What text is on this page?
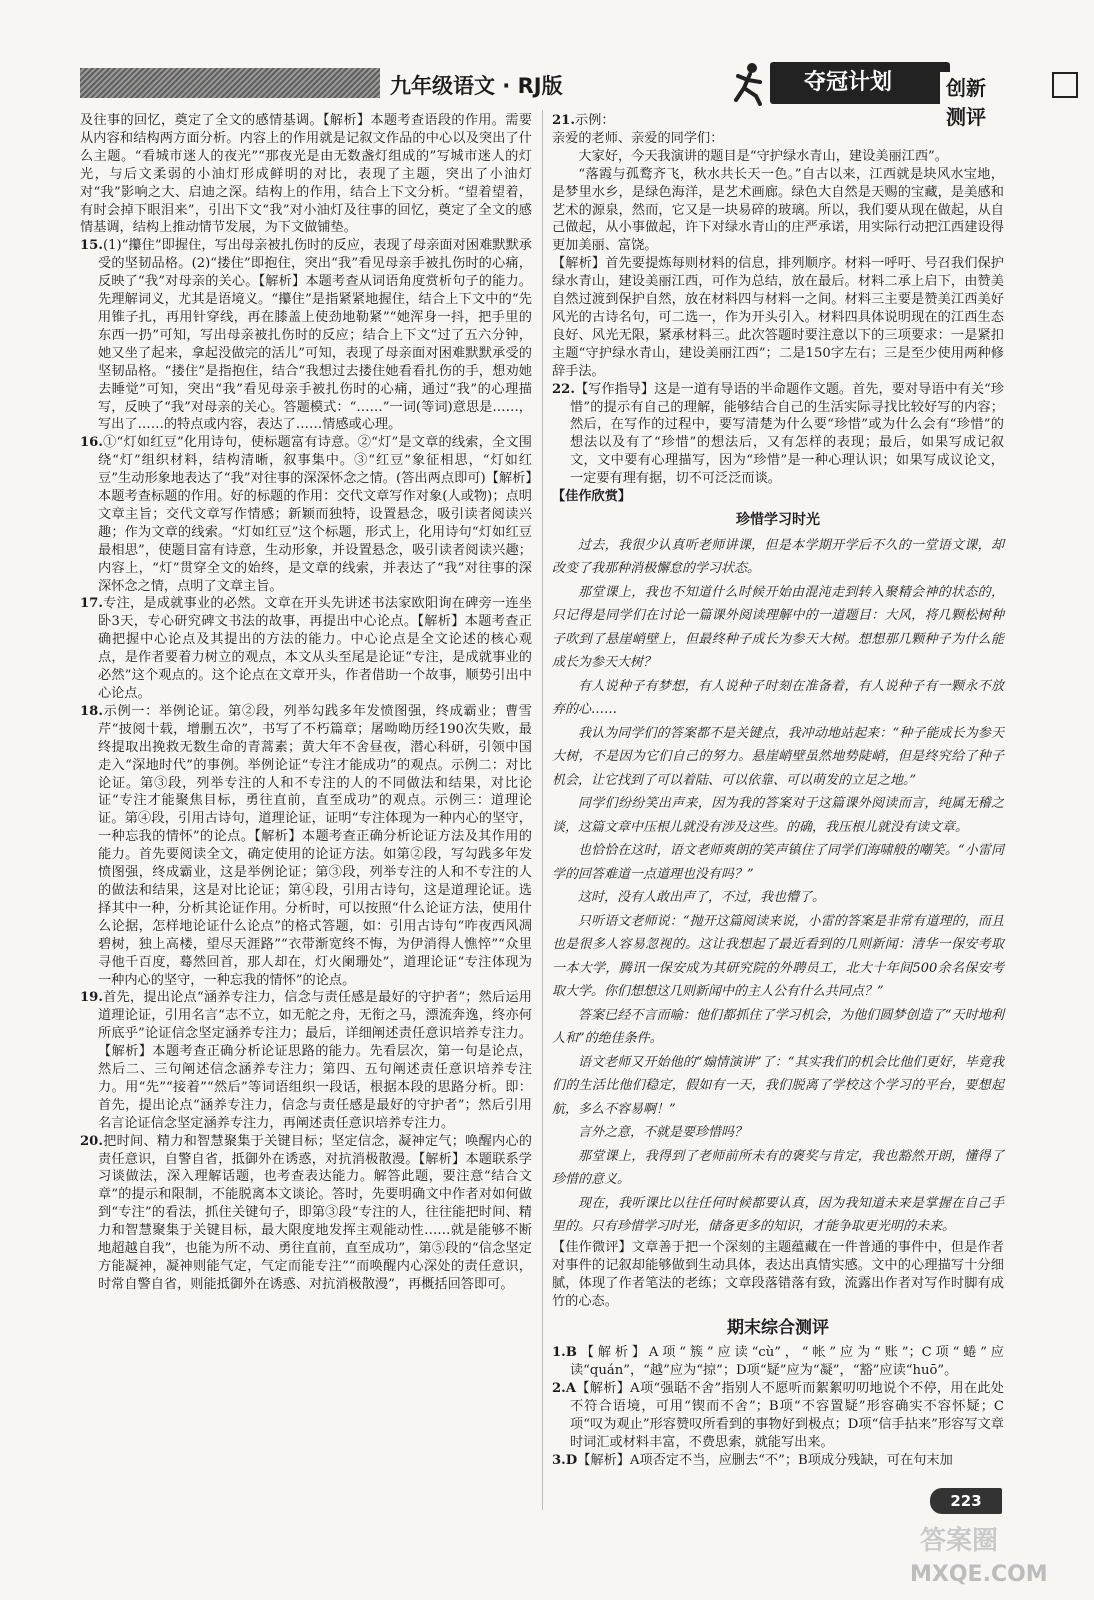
九年级语文 · RJ版	夺冠计划	创新测评

及往事的回忆，奠定了全文的感情基调。【解析】本题考查语段的作用。需要从内容和结构两方面分析。内容上的作用就是记叙文作品的中心以及突出了什么主题。“看城市迷人的夜光”“那夜光是由无数盏灯组成的”写城市迷人的灯光，与后文柔弱的小油灯形成鲜明的对比，表现了主题，突出了小油灯对“我”影响之大、启迪之深。结构上的作用，结合上下文分析。“望着望着，有时会掉下眼泪来”，引出下文“我”对小油灯及往事的回忆，奠定了全文的感情基调，结构上推动情节发展，为下文做铺垫。

15.(1)“攥住”即握住，写出母亲被扎伤时的反应，表现了母亲面对困难默默承受的坚韧品格。(2)“搂住”即抱住，突出“我”看见母亲手被扎伤时的心痛，反映了“我”对母亲的关心。【解析】本题考查从词语角度赏析句子的能力。先理解词义，尤其是语境义。“攥住”是指紧紧地握住，结合上下文中的“先用锥子扎，再用针穿线，再在膝盖上使劲地勒紧”“她浑身一抖，把手里的东西一扔”可知，写出母亲被扎伤时的反应；结合上下文“过了五六分钟，她又坐了起来，拿起没做完的活儿”可知，表现了母亲面对困难默默承受的坚韧品格。“搂住”是指抱住，结合“我想过去搂住她看看扎伤的手，想劝她去睡觉”可知，突出“我”看见母亲手被扎伤时的心痛，通过“我”的心理描写，反映了“我”对母亲的关心。答题模式：“……”一词(等词)意思是……，写出了……的特点或内容，表达了……情感或心理。

16.①“灯如红豆”化用诗句，使标题富有诗意。②“灯”是文章的线索，全文围绕“灯”组织材料，结构清晰，叙事集中。③“红豆”象征相思，“灯如红豆”生动形象地表达了“我”对往事的深深怀念之情。(答出两点即可)【解析】本题考查标题的作用。好的标题的作用：交代文章写作对象(人或物)；点明文章主旨；交代文章写作情感；新颖而独特，设置悬念，吸引读者阅读兴趣；作为文章的线索。“灯如红豆”这个标题，形式上，化用诗句“灯如红豆最相思”，使题目富有诗意，生动形象，并设置悬念，吸引读者阅读兴趣；内容上，“灯”贯穿全文的始终，是文章的线索，并表达了“我”对往事的深深怀念之情，点明了文章主旨。

17.专注，是成就事业的必然。文章在开头先讲述书法家欧阳询在碑旁一连坐卧3天，专心研究碑文书法的故事，再提出中心论点。【解析】本题考查正确把握中心论点及其提出的方法的能力。中心论点是全文论述的核心观点，是作者要着力树立的观点，本文从头至尾是论证“专注，是成就事业的必然”这个观点的。这个论点在文章开头，作者借助一个故事，顺势引出中心论点。

18.示例一：举例论证。第②段，列举勾践多年发愤图强，终成霸业；曹雪芹“披阅十载，增删五次”，书写了不朽篇章；屠呦呦历经190次失败，最终提取出挽救无数生命的青蒿素；黄大年不舍昼夜，潜心科研，引领中国走入“深地时代”的事例。举例论证“专注才能成功”的观点。示例二：对比论证。第③段，列举专注的人和不专注的人的不同做法和结果，对比论证“专注才能聚焦目标，勇往直前，直至成功”的观点。示例三：道理论证。第④段，引用古诗句，道理论证，证明“专注体现为一种内心的坚守，一种忘我的情怀”的论点。【解析】本题考查正确分析论证方法及其作用的能力。首先要阅读全文，确定使用的论证方法。如第②段，写勾践多年发愤图强，终成霸业，这是举例论证；第③段，列举专注的人和不专注的人的做法和结果，这是对比论证；第④段，引用古诗句，这是道理论证。选择其中一种，分析其论证作用。分析时，可以按照“什么论证方法，使用什么论据，怎样地论证什么论点”的格式答题，如：引用古诗句“咋夜西风凋碧树，独上高楼，望尽天涯路”“衣带渐宽终不悔，为伊消得人憔悴”“众里寻他千百度，蓦然回首，那人却在，灯火阑珊处”，道理论证“专注体现为一种内心的坚守，一种忘我的情怀”的论点。

19.首先，提出论点“涵养专注力，信念与责任感是最好的守护者”；然后运用道理论证，引用名言“志不立，如无舵之舟，无衔之马，漂流奔逸，终亦何所底乎”论证信念坚定涵养专注力；最后，详细阐述责任意识培养专注力。【解析】本题考查正确分析论证思路的能力。先看层次，第一句是论点，然后二、三句阐述信念涵养专注力；第四、五句阐述责任意识培养专注力。用“先”“接着”“然后”等词语组织一段话，根据本段的思路分析。即：首先，提出论点“涵养专注力，信念与责任感是最好的守护者”；然后引用名言论证信念坚定涵养专注力，再阐述责任意识培养专注力。

20.把时间、精力和智慧聚集于关键目标；坚定信念，凝神定气；唤醒内心的责任意识，自警自省，抵御外在诱惑，对抗消极散漫。【解析】本题联系学习谈做法，深入理解话题，也考查表达能力。解答此题，要注意“结合文章”的提示和限制，不能脱离本文谈论。答时，先要明确文中作者对如何做到“专注”的看法，抓住关键句子，即第③段“专注的人，往往能把时间、精力和智慧聚集于关键目标，最大限度地发挥主观能动性……就是能够不断地超越自我”，也能为所不动、勇往直前，直至成功”，第⑤段的“信念坚定方能凝神，凝神则能气定，气定而能专注”“而唤醒内心深处的责任意识，时常自警自省，则能抵御外在诱惑、对抗消极散漫”，再概括回答即可。

21.示例：

亲爱的老师、亲爱的同学们：

大家好，今天我演讲的题目是“守护绿水青山，建设美丽江西”。

“落霞与孤鹜齐飞，秋水共长天一色。”自古以来，江西就是块风水宝地，是梦里水乡，是绿色海洋，是艺术画廊。绿色大自然是天赐的宝藏，是美感和艺术的源泉，然而，它又是一块易碎的玻璃。所以，我们要从现在做起，从自己做起，从小事做起，许下对绿水青山的庄严承诺，用实际行动把江西建设得更加美丽、富饶。

【解析】首先要提炼每则材料的信息，排列顺序。材料一呼吁、号召我们保护绿水青山，建设美丽江西，可作为总结，放在最后。材料二承上启下，由赞美自然过渡到保护自然，放在材料四与材料一之间。材料三主要是赞美江西美好风光的古诗名句，可二选一，作为开头引入。材料四具体说明现在的江西生态良好、风光无限，紧承材料三。此次答题时要注意以下的三项要求：一是紧扣主题“守护绿水青山，建设美丽江西”；二是150字左右；三是至少使用两种修辞手法。

22.【写作指导】这是一道有导语的半命题作文题。首先，要对导语中有关“珍惜”的提示有自己的理解，能够结合自己的生活实际寻找比较好写的内容；然后，在写作的过程中，要写清楚为什么要“珍惜”或为什么会有“珍惜”的想法以及有了“珍惜”的想法后，又有怎样的表现；最后，如果写成记叙文，文中要有心理描写，因为“珍惜”是一种心理认识；如果写成议论文，一定要有理有据，切不可泛泛而谈。

【佳作欣赏】

珍惜学习时光

过去，我很少认真听老师讲课，但是本学期开学后不久的一堂语文课，却改变了我那种消极懈怠的学习状态。

那堂课上，我也不知道什么时候开始由混沌走到转入聚精会神的状态的，只记得是同学们在讨论一篇课外阅读理解中的一道题目：大风，将几颗松树种子吹到了悬崖峭壁上，但最终种子成长为参天大树。想想那几颗种子为什么能成长为参天大树？

有人说种子有梦想，有人说种子时刻在准备着，有人说种子有一颗永不放弃的心……

我认为同学们的答案都不是关键点，我冲动地站起来：“种子能成长为参天大树，不是因为它们自己的努力。悬崖峭壁虽然地势陡峭，但是终究给了种子机会，让它找到了可以着陆、可以依靠、可以萌发的立足之地。”

同学们纷纷笑出声来，因为我的答案对于这篇课外阅读而言，纯属无稽之谈，这篇文章中压根儿就没有涉及这些。的确，我压根儿就没有读文章。

也恰恰在这时，语文老师爽朗的笑声镇住了同学们海啸般的嘲笑。“小雷同学的回答难道一点道理也没有吗？”

这时，没有人敢出声了，不过，我也懵了。

只听语文老师说：“抛开这篇阅读来说，小雷的答案是非常有道理的，而且也是很多人容易忽视的。这让我想起了最近看到的几则新闻：清华一保安考取一本大学，腾讯一保安成为其研究院的外聘员工，北大十年间500余名保安考取大学。你们想想这几则新闻中的主人公有什么共同点？”

答案已经不言而喻：他们都抓住了学习机会，为他们圆梦创造了“天时地利人和”的绝佳条件。

语文老师又开始他的“煽情演讲”了：“其实我们的机会比他们更好，毕竟我们的生活比他们稳定，假如有一天，我们脱离了学校这个学习的平台，要想起航，多么不容易啊！”

言外之意，不就是要珍惜吗？

那堂课上，我得到了老师前所未有的褒奖与肯定，我也豁然开朗，懂得了珍惜的意义。

现在，我听课比以往任何时候都要认真，因为我知道未来是掌握在自己手里的。只有珍惜学习时光，储备更多的知识，才能争取更光明的未来。

【佳作微评】文章善于把一个深刻的主题蕴藏在一件普通的事件中，但是作者对事件的记叙却能够做到生动具体，表达出真情实感。文中的心理描写十分细腻，体现了作者笔法的老练；文章段落错落有致，流露出作者对写作时脚有成竹的心态。

期末综合测评

1.B【解析】A项“簇”应读“cù”，“帐”应为“账”；C项“蜷”应读“quán”，“越”应为“掠”；D项“疑”应为“凝”，“豁”应读“huō”。

2.A【解析】A项“强聒不舍”指别人不愿听而絮絮叨叨地说个不停，用在此处不符合语境，可用“锲而不舍”；B项“不容置疑”形容确实不容怀疑；C项“叹为观止”形容赞叹所看到的事物好到极点；D项“信手拈来”形容写文章时词汇或材料丰富，不费思索，就能写出来。

3.D【解析】A项否定不当，应删去“不”；B项成分残缺，可在句末加

223
答案圈
MXQE.COM
